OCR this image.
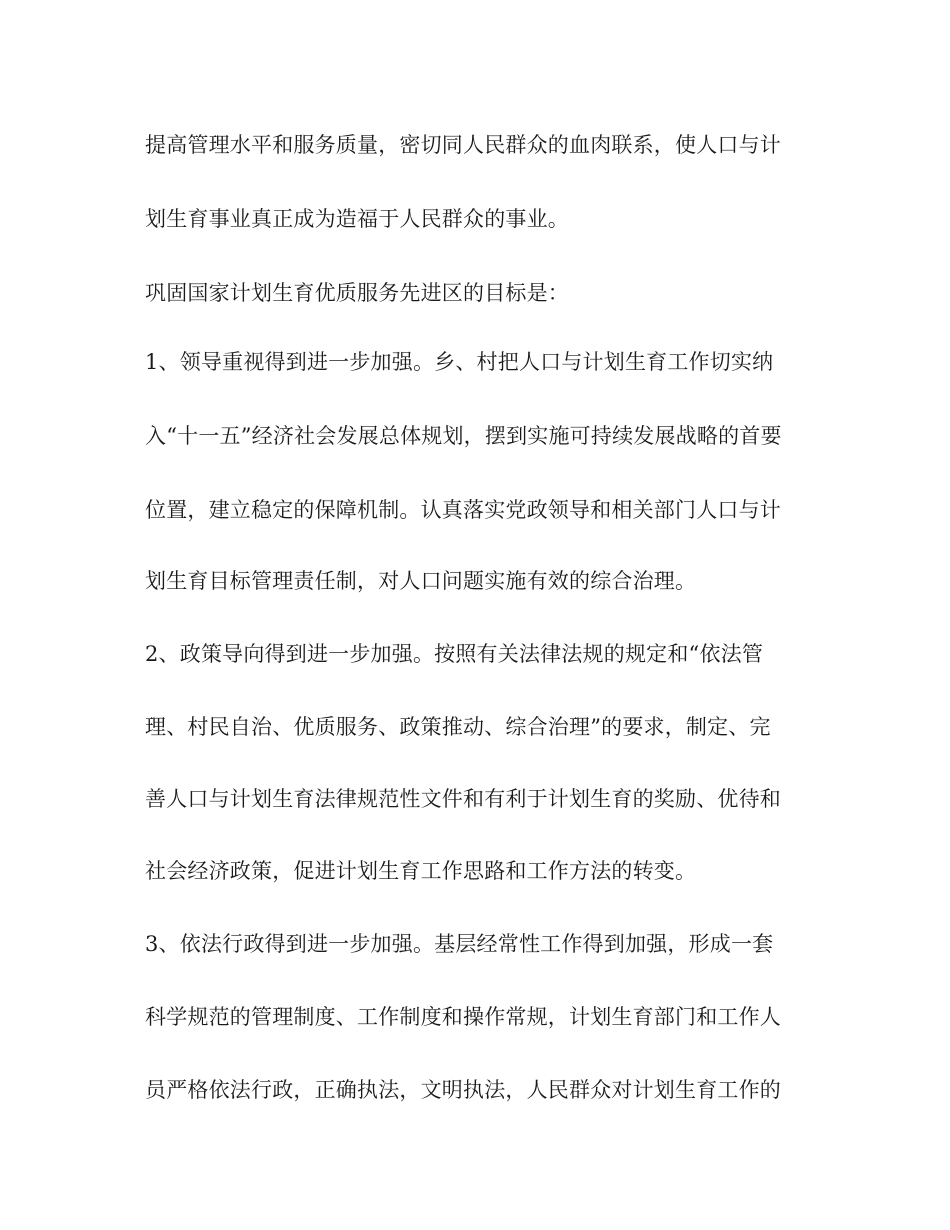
提高管理水平和服务质量，密切同人民群众的血肉联系，使人口与计
划生育事业真正成为造福于人民群众的事业。
巩固国家计划生育优质服务先进区的目标是：
1、领导重视得到进一步加强。乡、村把人口与计划生育工作切实纳
入“十一五”经济社会发展总体规划，摆到实施可持续发展战略的首要
位置，建立稳定的保障机制。认真落实党政领导和相关部门人口与计
划生育目标管理责任制，对人口问题实施有效的综合治理。
2、政策导向得到进一步加强。按照有关法律法规的规定和“依法管
理、村民自治、优质服务、政策推动、综合治理”的要求，制定、完
善人口与计划生育法律规范性文件和有利于计划生育的奖励、优待和
社会经济政策，促进计划生育工作思路和工作方法的转变。
3、依法行政得到进一步加强。基层经常性工作得到加强，形成一套
科学规范的管理制度、工作制度和操作常规，计划生育部门和工作人
员严格依法行政，正确执法，文明执法，人民群众对计划生育工作的
